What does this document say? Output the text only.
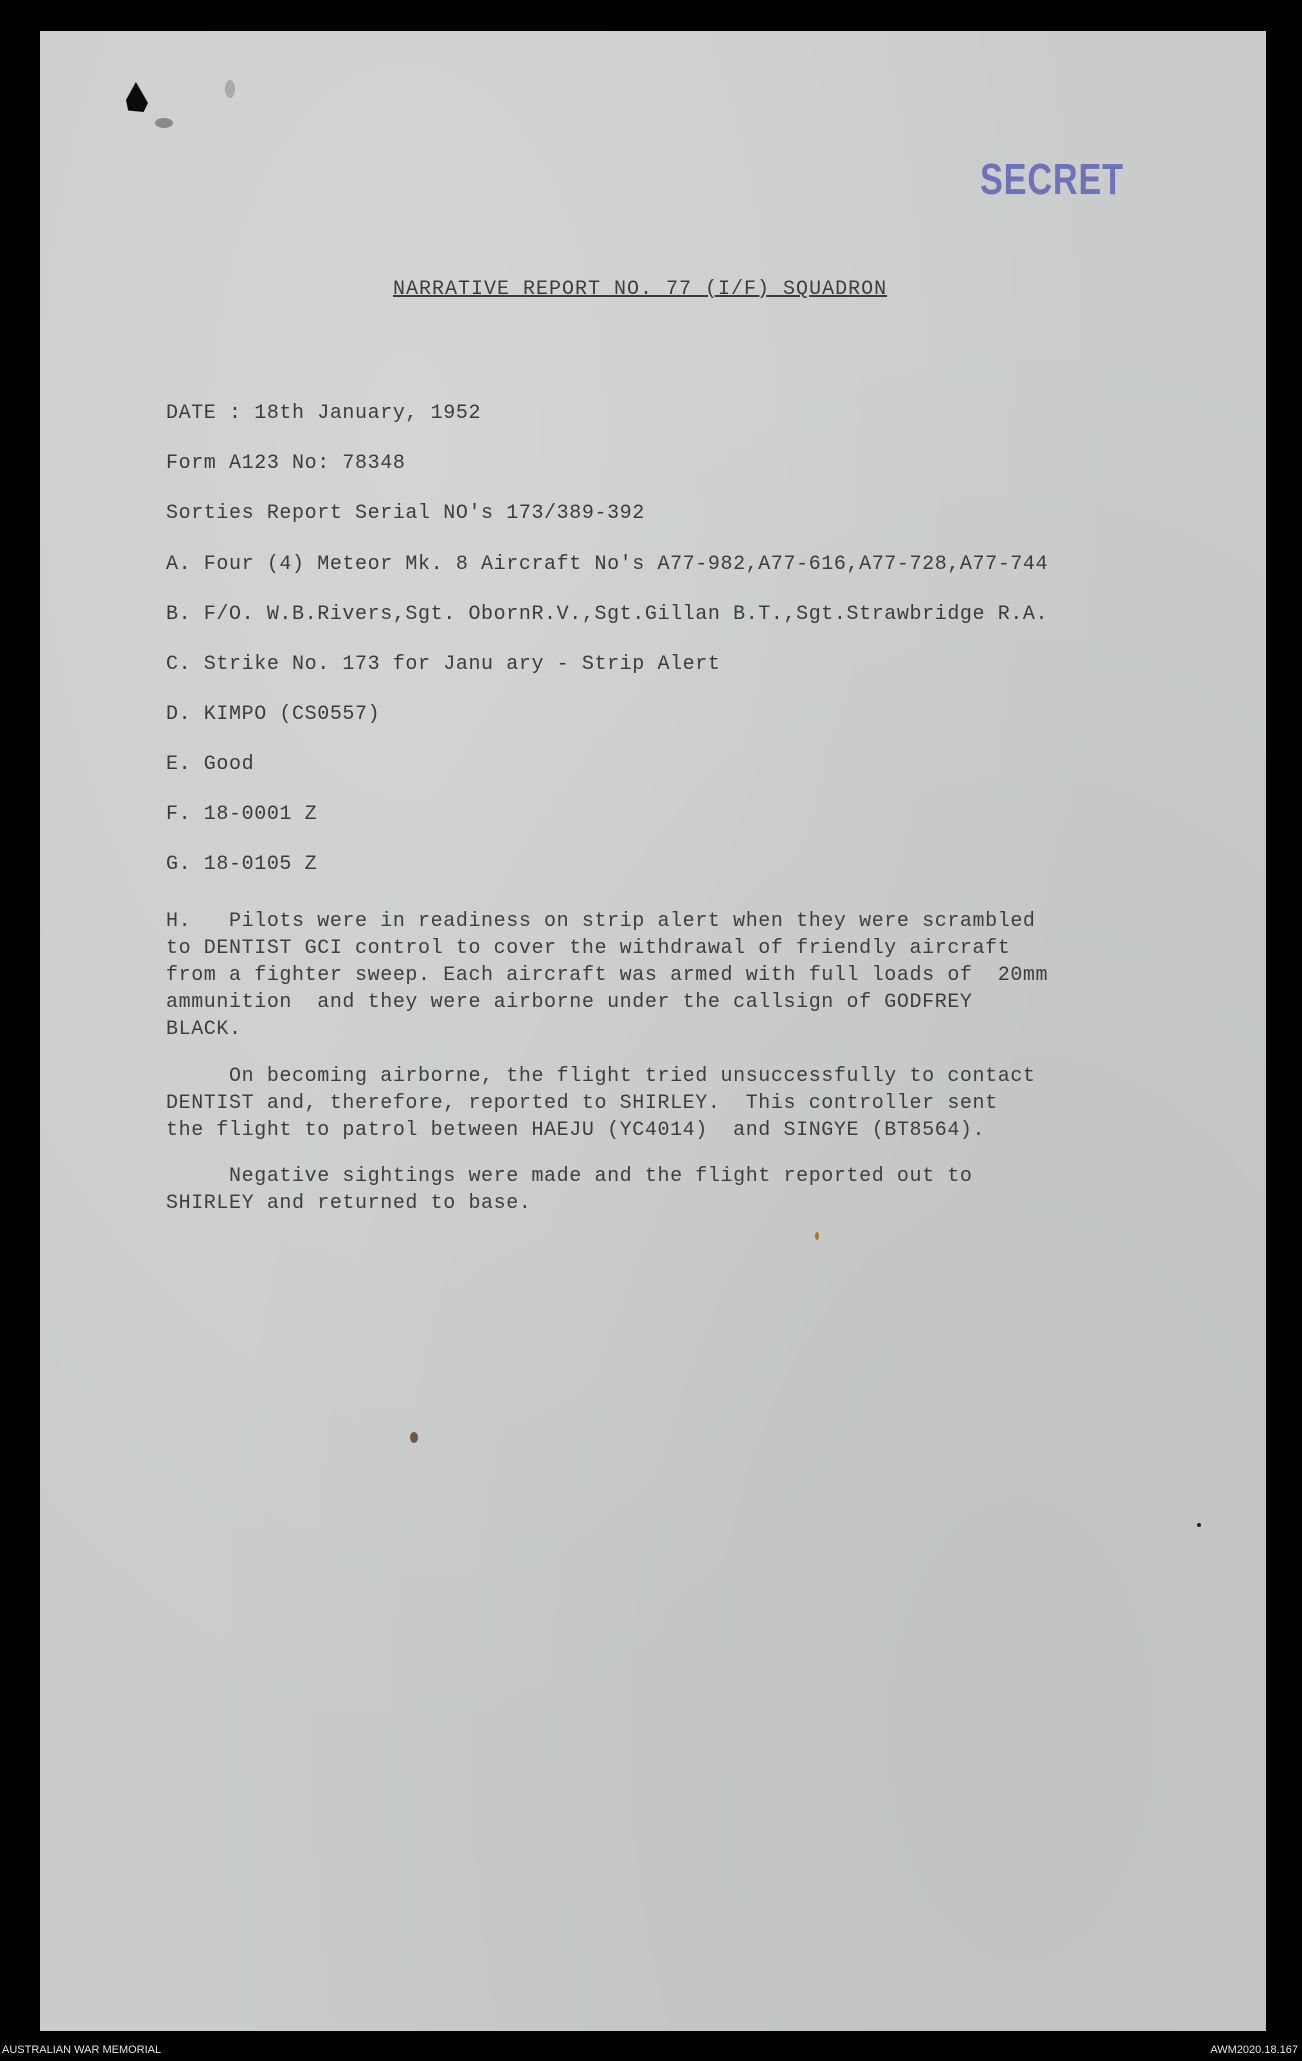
SECRET
NARRATIVE REPORT NO. 77 (I/F) SQUADRON
DATE : 18th January, 1952
Form A123 No: 78348
Sorties Report Serial NO's 173/389-392
A. Four (4) Meteor Mk. 8 Aircraft No's A77-982,A77-616,A77-728,A77-744
B. F/O. W.B.Rivers,Sgt. ObornR.V.,Sgt.Gillan B.T.,Sgt.Strawbridge R.A.
C. Strike No. 173 for Janu ary - Strip Alert
D. KIMPO (CS0557)
E. Good
F. 18-0001 Z
G. 18-0105 Z
H.   Pilots were in readiness on strip alert when they were scrambled
to DENTIST GCI control to cover the withdrawal of friendly aircraft
from a fighter sweep. Each aircraft was armed with full loads of  20mm
ammunition  and they were airborne under the callsign of GODFREY
BLACK.
On becoming airborne, the flight tried unsuccessfully to contact
DENTIST and, therefore, reported to SHIRLEY.  This controller sent
the flight to patrol between HAEJU (YC4014)  and SINGYE (BT8564).
Negative sightings were made and the flight reported out to
SHIRLEY and returned to base.
AUSTRALIAN WAR MEMORIAL	AWM2020.18.167
